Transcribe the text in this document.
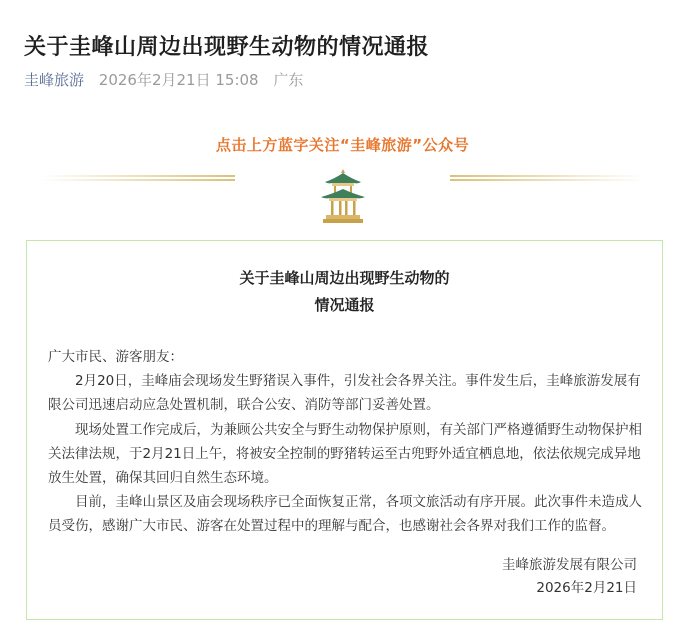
关于圭峰山周边出现野生动物的情况通报
圭峰旅游 2026年2月21日 15:08 广东
点击上方蓝字关注“圭峰旅游”公众号
关于圭峰山周边出现野生动物的
情况通报

广大市民、游客朋友：

2月20日，圭峰庙会现场发生野猪误入事件，引发社会各界关注。事件发生后，圭峰旅游发展有限公司迅速启动应急处置机制，联合公安、消防等部门妥善处置。

现场处置工作完成后，为兼顾公共安全与野生动物保护原则，有关部门严格遵循野生动物保护相关法律法规，于2月21日上午，将被安全控制的野猪转运至古兜野外适宜栖息地，依法依规完成异地放生处置，确保其回归自然生态环境。

目前，圭峰山景区及庙会现场秩序已全面恢复正常，各项文旅活动有序开展。此次事件未造成人员受伤，感谢广大市民、游客在处置过程中的理解与配合，也感谢社会各界对我们工作的监督。

圭峰旅游发展有限公司
2026年2月21日
